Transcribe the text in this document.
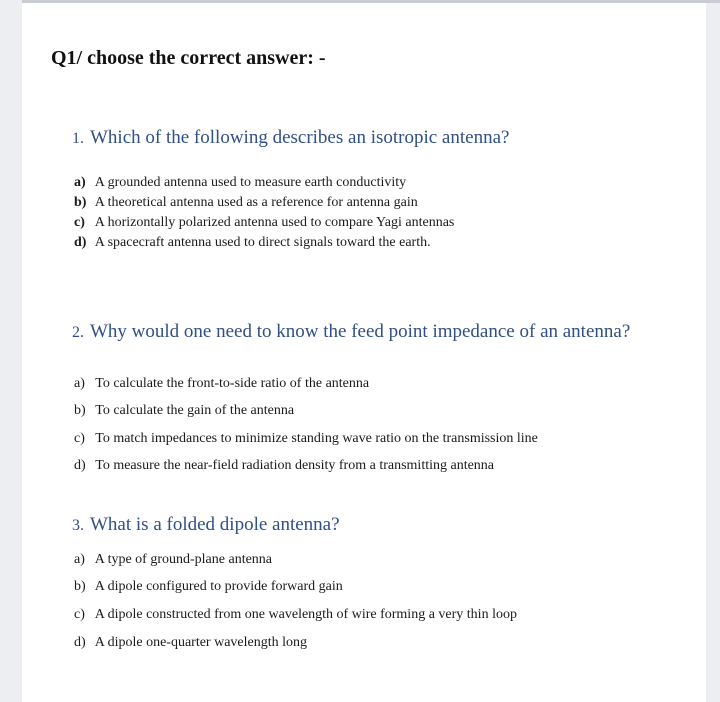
Q1/ choose the correct answer: -
1. Which of the following describes an isotropic antenna?
a) A grounded antenna used to measure earth conductivity
b) A theoretical antenna used as a reference for antenna gain
c) A horizontally polarized antenna used to compare Yagi antennas
d) A spacecraft antenna used to direct signals toward the earth.
2. Why would one need to know the feed point impedance of an antenna?
a) To calculate the front-to-side ratio of the antenna
b) To calculate the gain of the antenna
c) To match impedances to minimize standing wave ratio on the transmission line
d) To measure the near-field radiation density from a transmitting antenna
3. What is a folded dipole antenna?
a) A type of ground-plane antenna
b) A dipole configured to provide forward gain
c) A dipole constructed from one wavelength of wire forming a very thin loop
d) A dipole one-quarter wavelength long
